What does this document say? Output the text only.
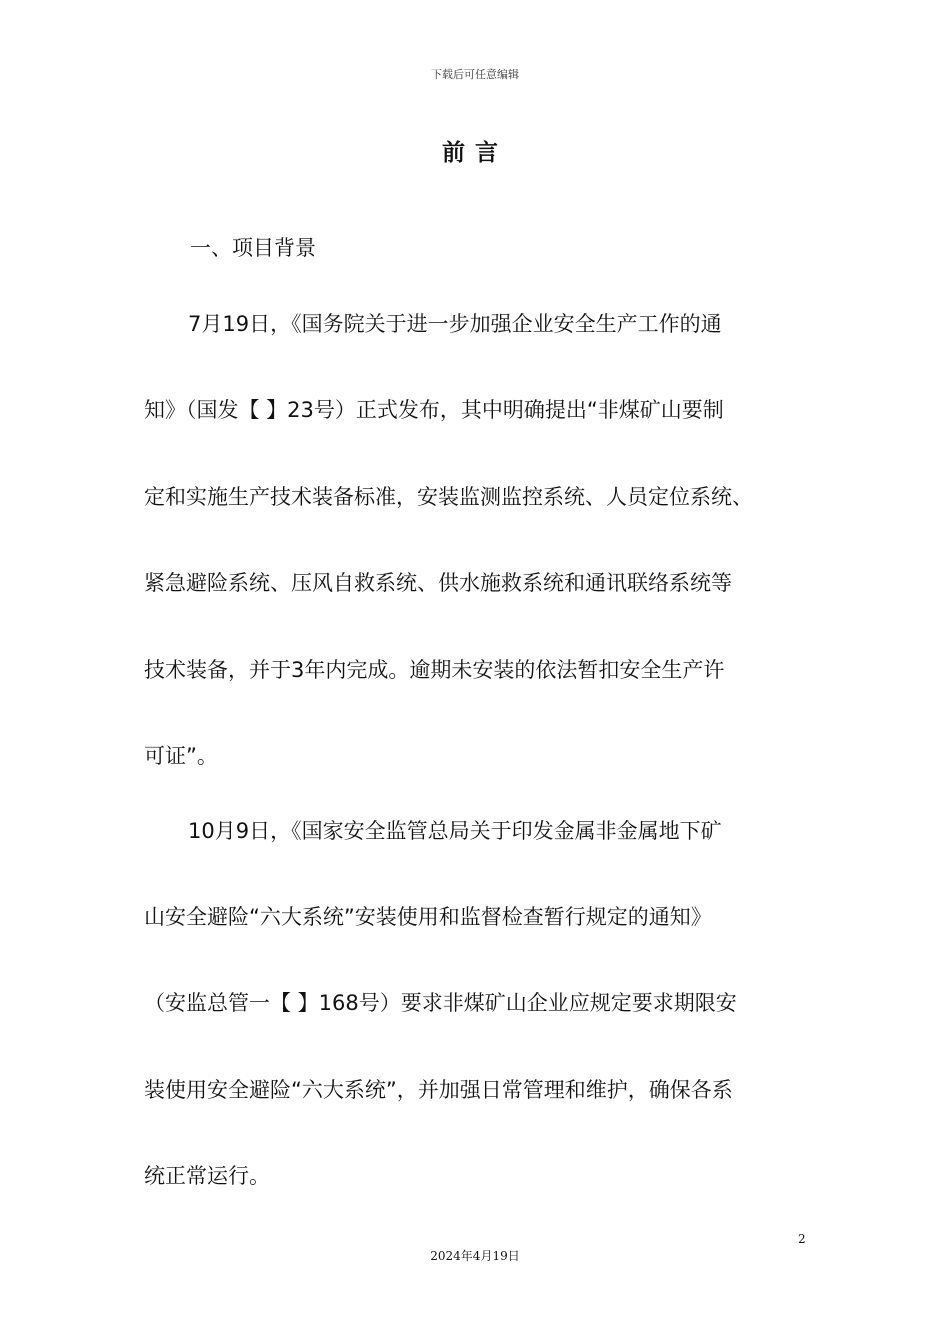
下载后可任意编辑
前言
一、项目背景
7月19日，《国务院关于进一步加强企业安全生产工作的通
知》（国发【 】23号）正式发布，其中明确提出“非煤矿山要制
定和实施生产技术装备标准，安装监测监控系统、人员定位系统、
紧急避险系统、压风自救系统、供水施救系统和通讯联络系统等
技术装备，并于3年内完成。逾期未安装的依法暂扣安全生产许
可证”。
10月9日，《国家安全监管总局关于印发金属非金属地下矿
山安全避险“六大系统”安装使用和监督检查暂行规定的通知》
（安监总管一【 】168号）要求非煤矿山企业应规定要求期限安
装使用安全避险“六大系统”，并加强日常管理和维护，确保各系
统正常运行。
2
2024年4月19日
